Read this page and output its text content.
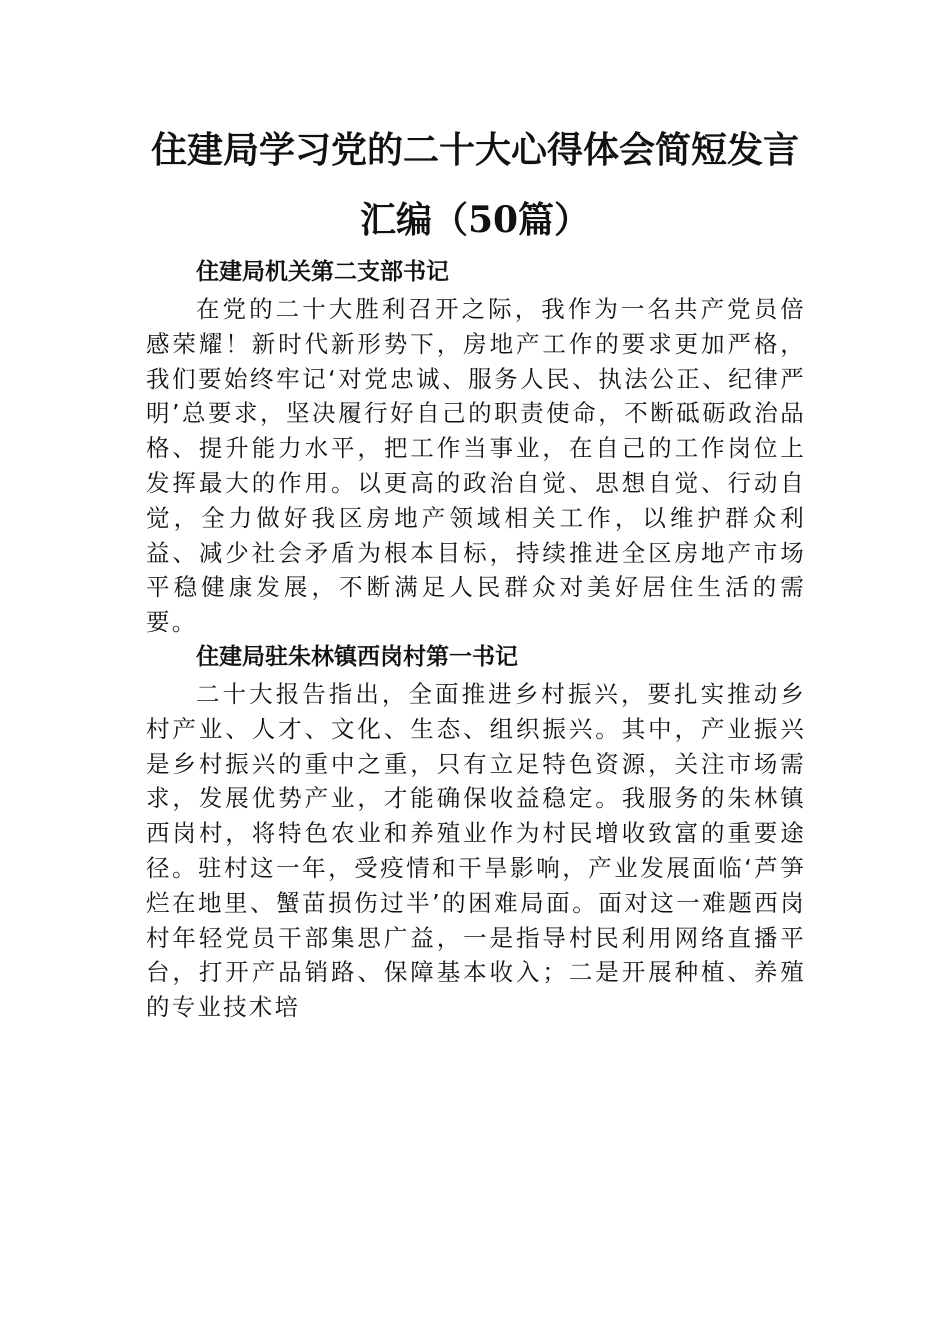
住建局学习党的二十大心得体会简短发言
汇编（50篇）
住建局机关第二支部书记

在党的二十大胜利召开之际，我作为一名共产党员倍感荣耀！新时代新形势下，房地产工作的要求更加严格，我们要始终牢记‘对党忠诚、服务人民、执法公正、纪律严明’总要求，坚决履行好自己的职责使命，不断砥砺政治品格、提升能力水平，把工作当事业，在自己的工作岗位上发挥最大的作用。以更高的政治自觉、思想自觉、行动自觉，全力做好我区房地产领域相关工作，以维护群众利益、减少社会矛盾为根本目标，持续推进全区房地产市场平稳健康发展，不断满足人民群众对美好居住生活的需要。

住建局驻朱林镇西岗村第一书记

二十大报告指出，全面推进乡村振兴，要扎实推动乡村产业、人才、文化、生态、组织振兴。其中，产业振兴是乡村振兴的重中之重，只有立足特色资源，关注市场需求，发展优势产业，才能确保收益稳定。我服务的朱林镇西岗村，将特色农业和养殖业作为村民增收致富的重要途径。驻村这一年，受疫情和干旱影响，产业发展面临‘芦笋烂在地里、蟹苗损伤过半’的困难局面。面对这一难题西岗村年轻党员干部集思广益，一是指导村民利用网络直播平台，打开产品销路、保障基本收入；二是开展种植、养殖的专业技术培
